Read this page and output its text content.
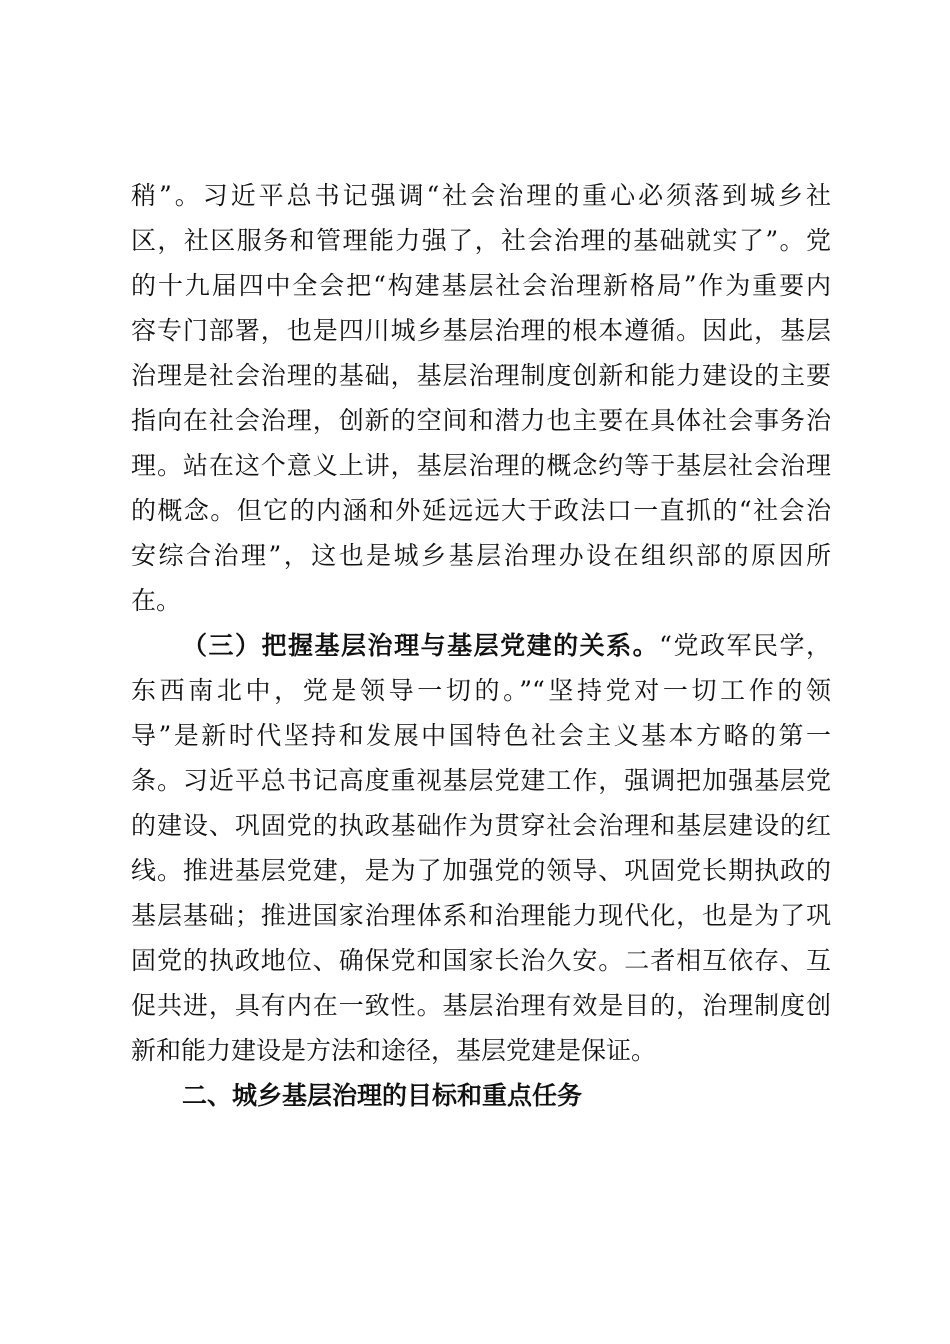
稍”。习近平总书记强调“社会治理的重心必须落到城乡社
区，社区服务和管理能力强了，社会治理的基础就实了”。党
的十九届四中全会把“构建基层社会治理新格局”作为重要内
容专门部署，也是四川城乡基层治理的根本遵循。因此，基层
治理是社会治理的基础，基层治理制度创新和能力建设的主要
指向在社会治理，创新的空间和潜力也主要在具体社会事务治
理。站在这个意义上讲，基层治理的概念约等于基层社会治理
的概念。但它的内涵和外延远远大于政法口一直抓的“社会治
安综合治理”，这也是城乡基层治理办设在组织部的原因所
在。
（三）把握基层治理与基层党建的关系。“党政军民学，
东西南北中，党是领导一切的。”“坚持党对一切工作的领
导”是新时代坚持和发展中国特色社会主义基本方略的第一
条。习近平总书记高度重视基层党建工作，强调把加强基层党
的建设、巩固党的执政基础作为贯穿社会治理和基层建设的红
线。推进基层党建，是为了加强党的领导、巩固党长期执政的
基层基础；推进国家治理体系和治理能力现代化，也是为了巩
固党的执政地位、确保党和国家长治久安。二者相互依存、互
促共进，具有内在一致性。基层治理有效是目的，治理制度创
新和能力建设是方法和途径，基层党建是保证。
二、城乡基层治理的目标和重点任务
